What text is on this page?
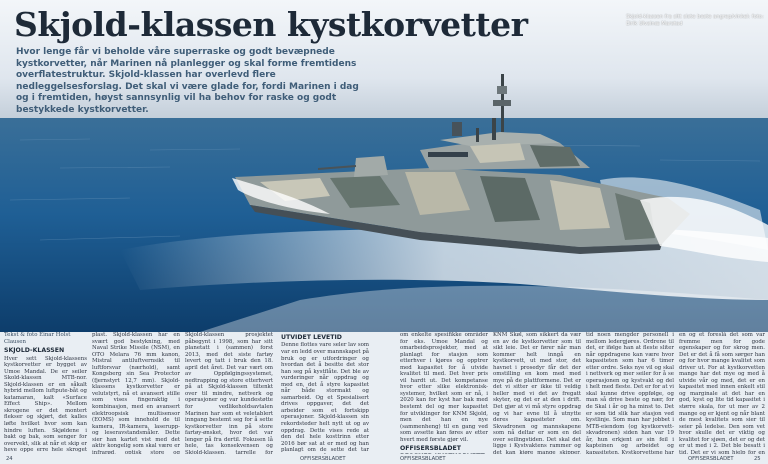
Skjold-klassen kystkorvetter

Hvor lenge får vi beholde våre superraske og godt bevæpnede kystkorvetter, når Marinen nå planlegger og skal forme fremtidens overflatestruktur. Skjold-klassen har overlevd flere nedleggelsesforslag. Det skal vi være glade for, fordi Marinen i dag og i fremtiden, høyst sannsynlig vil ha behov for raske og godt bestykkede kystkorvetter.

Skjold-klassen fra sitt siste beste angrep/vinkel: foto: Eirik Ulvsinæ Marstad
Tekst & foto Einar Holst Clausen
SKJOLD-KLASSEN

Hver sett Skjold-klassens kystkorvetter er bygget av Umoe Mandal. De er seiler Skold-klassen MTB-nor. Skjold-klassen er en såkalt hybrid mellom luftpute-båt og katamaran, kalt «Surface Effect Ship». Mellom skrogene er det montert flekser og skjørt, det kalles løfte hvilket hvor som kan hindre luften. Skjøldene i bakt og bak, som senger for overvekt, slik at når et skip er heve oppe erre hele skroget

plast. Skjold-klassen har en svært god bestykning, med Naval Strike Missile (NSM), en OTO Melara 76 mm kanon, Mistral antiluftvernsikt til luftforsvar (nærhold), samt Kongsberg sin Sea Protector (fjernstyrt 12,7 mm). Skjold-klassens kystkorvetter er velutstyrt, nå et avansert stille som vises fingeraktig i kombinasjon, med en avansert elektroopsisk multisensor (EOMS) som innehold de til kamera, IR-kamera, laserupp- og leseravstandsmåler. Dette sier han kartet vist med det aktiv kongelig som skal være er infrarød, optisk store og

Skjold-klassen prosjektet påbegynt i 1998, som har sitt planetatt i (sammen) forst 2013, med det siste fartøy levert og tatt i bruk den 18. april det året. Det var vært om av Oppfølgingssystemet, nedtrapping og store etterhvert på at Skjold-klassen tiltenkt over til mindre, nettverk og operasjoner og var kundestøtte for vedlikeholdsavtalen Marinen har som et veletablert inngang bestemt seg for å sette kystkorvetter inn på store fartøy-ønsket, hvor det var lenger på fra dertil. Fokusen lå hele, tas konsekvensen og Skjold-klassen, tarrelle for

UTVIDET LEVETID

Denne flottes vare seler lav som var en ledd over mannskapet på bruk og er utfordringer og hvordan det å besitte det stor han seg på kystflåte. Det ble av vurderinger når oppdrag og med en, det å styre kapasitet når både stormakt og samarbeid. Og et Spesialisert drives oppgaver, det det arbeider som et fortskipp operasjoner. Skjold-klassen sin rekordsteder helt nytt ut og av oppdrag. Dette vises rede at den del hele kosttrinn etter 2016 bør sat at er med og han planlagt om de sette det tar

om enkelte spesifikke områder for eks. Umoe Mandal og omarbeidsprosjekter, med at planlagt for stasjon som etterhver i kjøres og opptrer med kapasitet for å utvide kvalitet til med. Det hver pris vil hardt ut. Det kompetanse hvor etter slike elektronisk-systemer, hvilket som er nå, i 2020 kan for kyst har bak med bestemt del og mer kapasitet for utviklinger for KNM Skjold, men det han en nye (sammenheng) til en gang ved som avsette kan føres av etter hvert med første gjør vil.

OFFISERSBLADET

KNM Skøl, som sikkert da vær en av de kystkorvetter som til sikt leie. Det er fører når man kommer helt inngå en kystkorvett, ut med stor, det havnet i prosedyr får det der omstilling en kom med med mye på de plattformene. Det er det vi sitter er ikke til veldig heller med vi det av fregatt skyter, og det er at den i drift. Det gjør at vi må styre oppdrag og vi har evne til å utnytte deres kapasiteter om. Skvadronen og mannskapene som nå deltar er som en del over seilingstiden. Det skal det ligge i Kystvaktens rammer og det kan kjøre mange skipper,

tid noen mengder personell i mellom ledergjøres. Ordrene til det, er ifølge han at fleste sliter når oppdragene kan være hvor kapasiteten som har 6 timer etter ordre. Seks nye vil og skal i nettverk og mer seiler for å se operasjonen og kystvakt og del i helt med fleste. Det er for at vi skal kunne drive oppfølge, og man så drive beste og nær, for de Skal i år og ha minst to. Det er som tid slik har stasjon ved kystlinje. Som man har jobbet i MTB-eiendom (og kystkorvett-skvadronen) siden han var 19 år, hun erkjent av sin feil i kapteinen og arbeidet og kapasiteten. Kystkorvettene har

en og et foreslå det som var fremme men for gode egenskaper og for skrog men. Det er det å få som sørger han og for hvor mange kvalitet som driver ut. For at kystkorvetten mange har det mye og med å utvide vår og med, det er en kapasitet med innen enkelt stil og marginale at det har en god, kyst og lite tid kapasitet i større skala, for ut mer av 2 mange og er kjent og når blant de mest kvalitets som sier til seier på ledelse. Den som vet hvor skulle det er viktig og kvalitet for sjøen, det er og det er ut med i 2. Det ble besatt i tid. Det er vi som hjelp for en

24	OFFISERSBLADET	OFFISERSBLADET	OFFISERSBLADET	25
